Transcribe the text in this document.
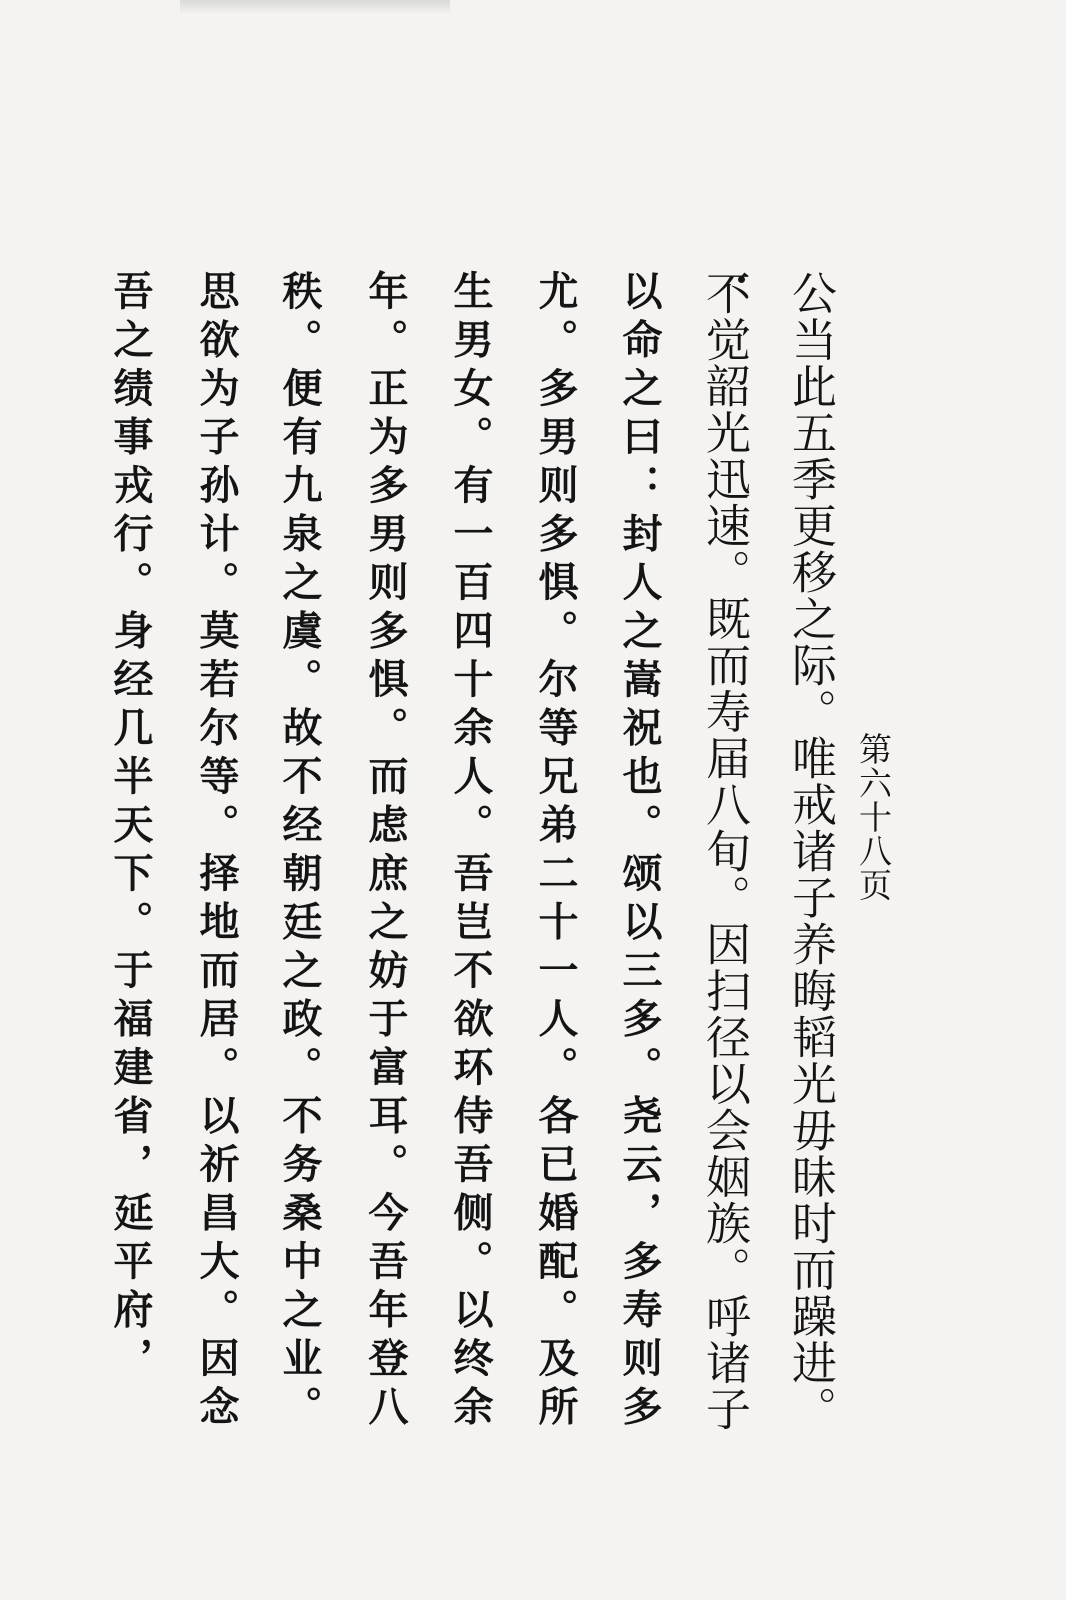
第六十八页
公当此五季更移之际。唯戒诸子养晦韬光毋昧时而躁进。
不觉韶光迅速。既而寿届八旬。因扫径以会姻族。呼诸子
以命之曰：封人之嵩祝也。颂以三多。尧云，多寿则多
尤。多男则多惧。尔等兄弟二十一人。各已婚配。及所
生男女。有一百四十余人。吾岂不欲环侍吾侧。以终余
年。正为多男则多惧。而虑庶之妨于富耳。今吾年登八
秩。便有九泉之虞。故不经朝廷之政。不务桑中之业。
思欲为子孙计。莫若尔等。择地而居。以祈昌大。因念
吾之绩事戎行。身经几半天下。于福建省，延平府，
